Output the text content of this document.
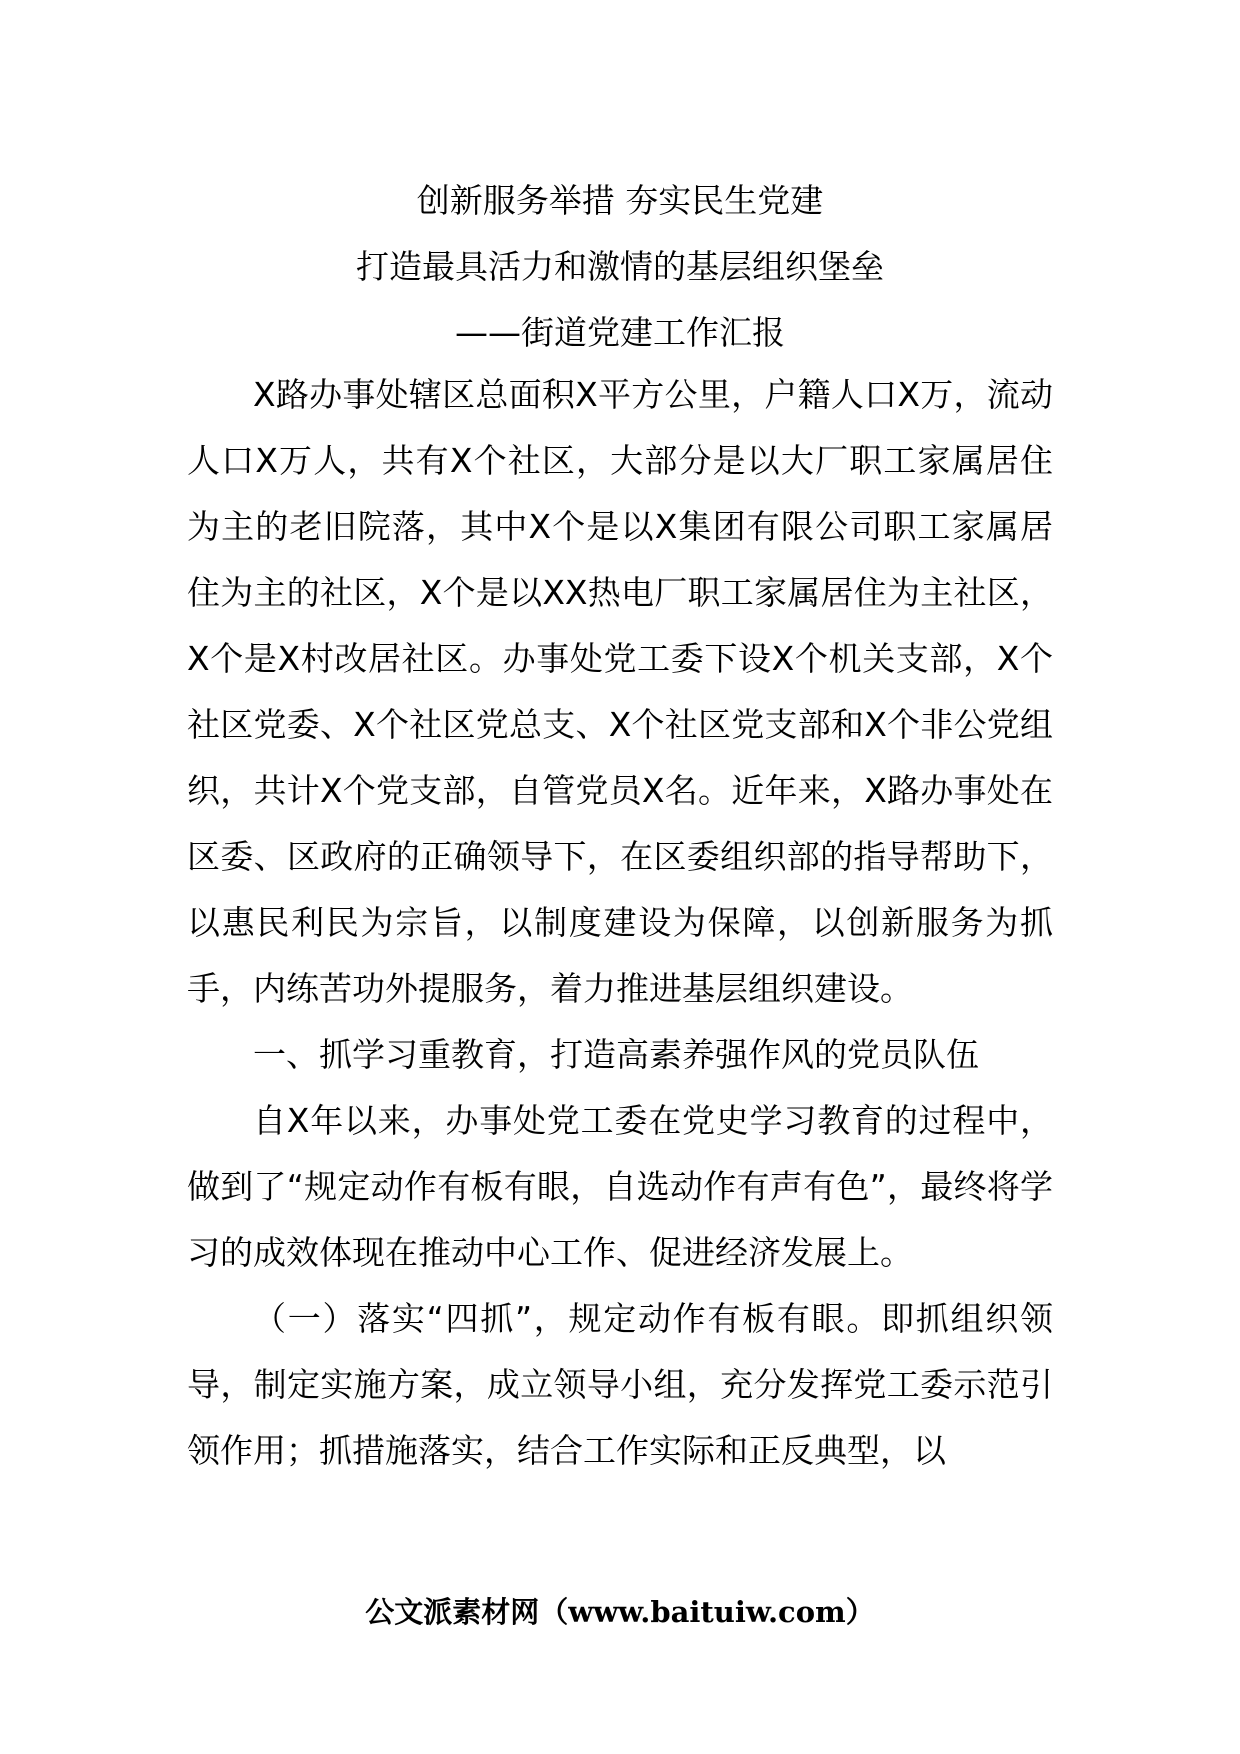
创新服务举措 夯实民生党建
打造最具活力和激情的基层组织堡垒
——街道党建工作汇报

X路办事处辖区总面积X平方公里，户籍人口X万，流动人口X万人，共有X个社区，大部分是以大厂职工家属居住为主的老旧院落，其中X个是以X集团有限公司职工家属居住为主的社区，X个是以XX热电厂职工家属居住为主社区，X个是X村改居社区。办事处党工委下设X个机关支部，X个社区党委、X个社区党总支、X个社区党支部和X个非公党组织，共计X个党支部，自管党员X名。近年来，X路办事处在区委、区政府的正确领导下，在区委组织部的指导帮助下，以惠民利民为宗旨，以制度建设为保障，以创新服务为抓手，内练苦功外提服务，着力推进基层组织建设。

一、抓学习重教育，打造高素养强作风的党员队伍

自X年以来，办事处党工委在党史学习教育的过程中，做到了“规定动作有板有眼，自选动作有声有色”，最终将学习的成效体现在推动中心工作、促进经济发展上。

（一）落实“四抓”，规定动作有板有眼。即抓组织领导，制定实施方案，成立领导小组，充分发挥党工委示范引领作用；抓措施落实，结合工作实际和正反典型，以

公文派素材网（www.baituiw.com）
